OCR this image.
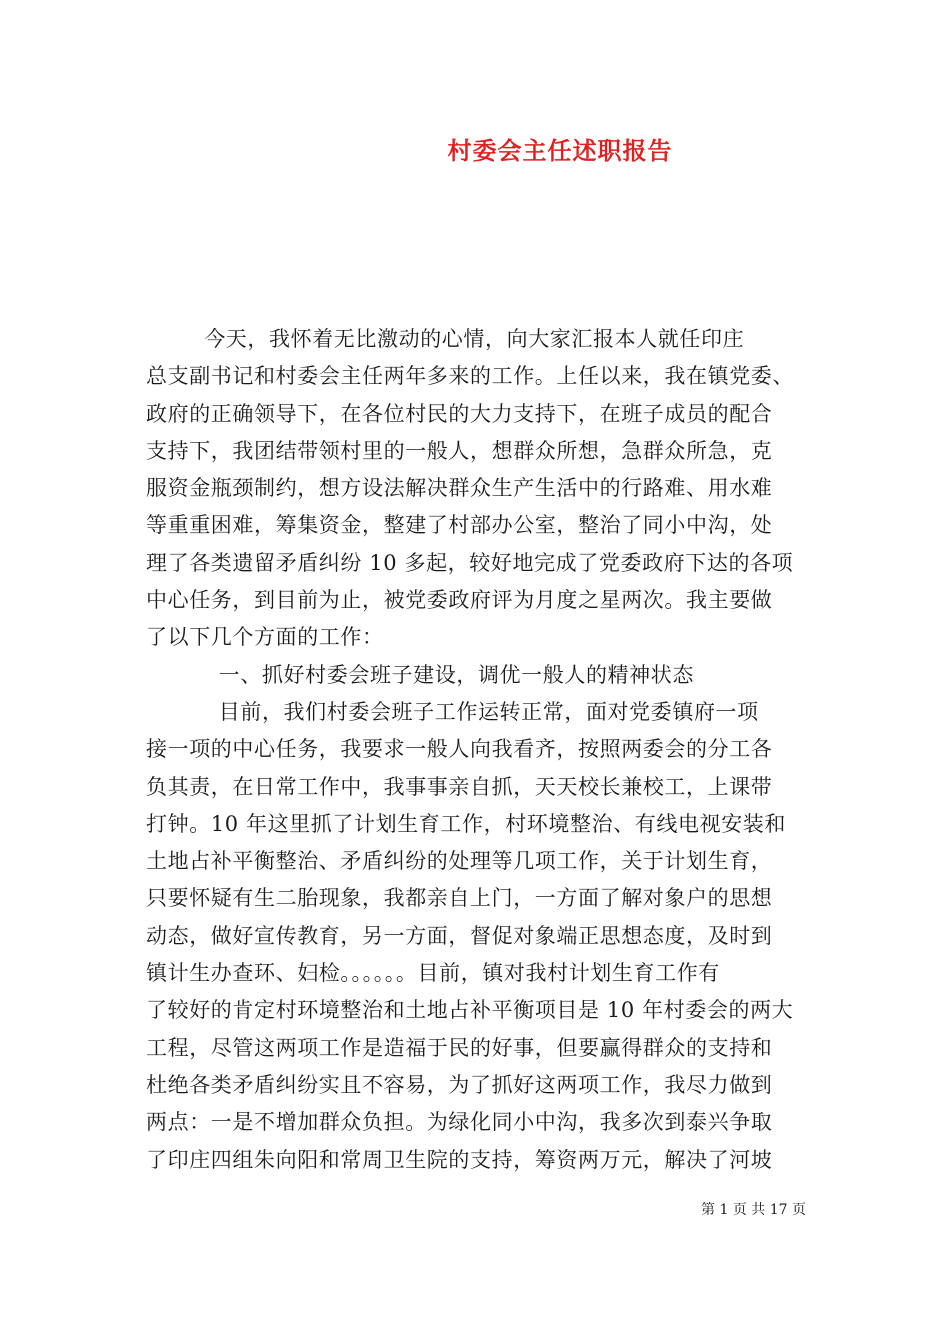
村委会主任述职报告
今天，我怀着无比激动的心情，向大家汇报本人就任印庄
总支副书记和村委会主任两年多来的工作。上任以来，我在镇党委、
政府的正确领导下，在各位村民的大力支持下，在班子成员的配合
支持下，我团结带领村里的一般人，想群众所想，急群众所急，克
服资金瓶颈制约，想方设法解决群众生产生活中的行路难、用水难
等重重困难，筹集资金，整建了村部办公室，整治了同小中沟，处
理了各类遗留矛盾纠纷 10 多起，较好地完成了党委政府下达的各项
中心任务，到目前为止，被党委政府评为月度之星两次。我主要做
了以下几个方面的工作：
一、抓好村委会班子建设，调优一般人的精神状态
目前，我们村委会班子工作运转正常，面对党委镇府一项
接一项的中心任务，我要求一般人向我看齐，按照两委会的分工各
负其责，在日常工作中，我事事亲自抓，天天校长兼校工，上课带
打钟。10 年这里抓了计划生育工作，村环境整治、有线电视安装和
土地占补平衡整治、矛盾纠纷的处理等几项工作，关于计划生育，
只要怀疑有生二胎现象，我都亲自上门，一方面了解对象户的思想
动态，做好宣传教育，另一方面，督促对象端正思想态度，及时到
镇计生办查环、妇检。。。。。。目前，镇对我村计划生育工作有
了较好的肯定村环境整治和土地占补平衡项目是 10 年村委会的两大
工程，尽管这两项工作是造福于民的好事，但要赢得群众的支持和
杜绝各类矛盾纠纷实且不容易，为了抓好这两项工作，我尽力做到
两点：一是不增加群众负担。为绿化同小中沟，我多次到泰兴争取
了印庄四组朱向阳和常周卫生院的支持，筹资两万元，解决了河坡
第 1 页 共 17 页
